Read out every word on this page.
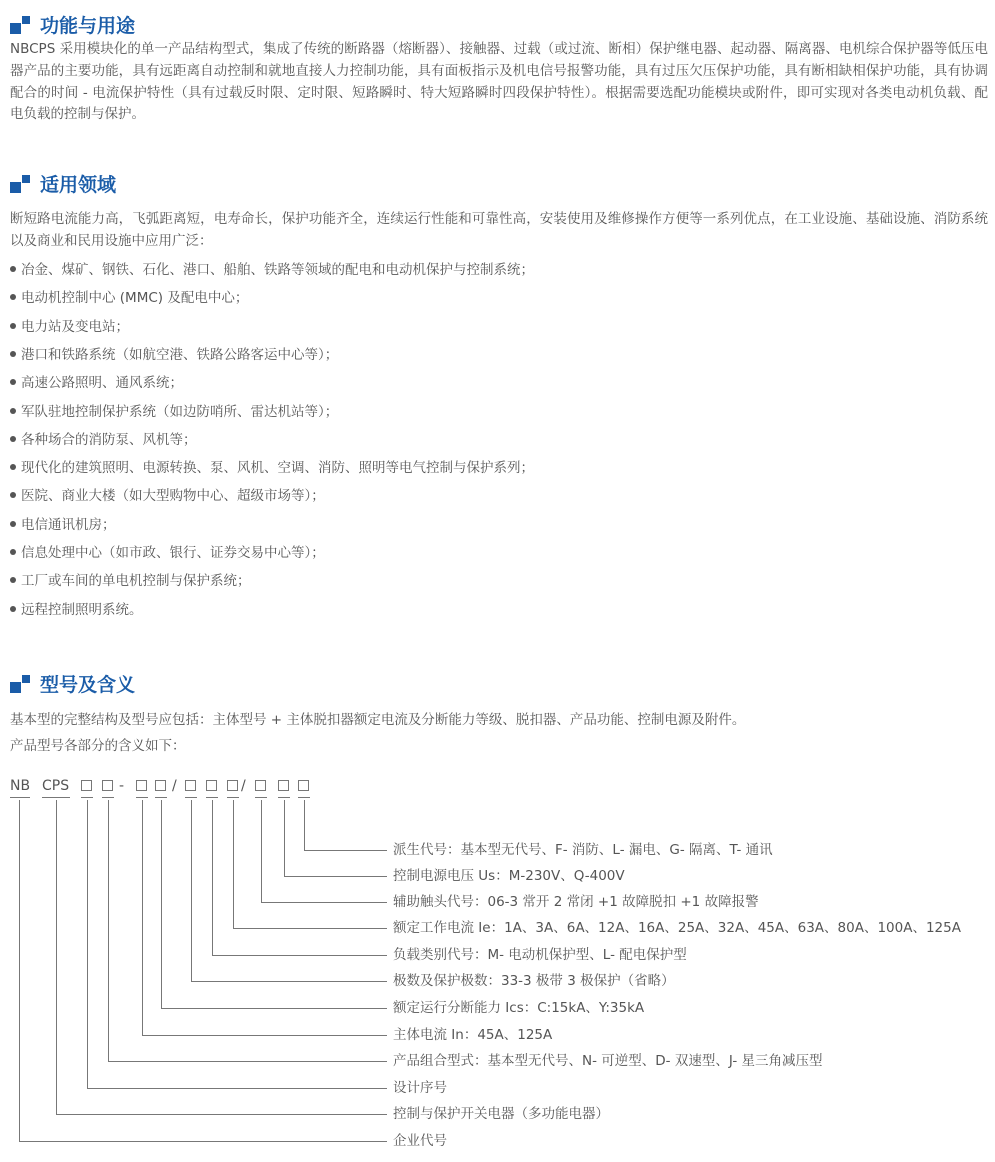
功能与用途
NBCPS 采用模块化的单一产品结构型式，集成了传统的断路器（熔断器）、接触器、过载（或过流、断相）保护继电器、起动器、隔离器、电机综合保护器等低压电器产品的主要功能，具有远距离自动控制和就地直接人力控制功能，具有面板指示及机电信号报警功能，具有过压欠压保护功能，具有断相缺相保护功能，具有协调配合的时间 - 电流保护特性（具有过载反时限、定时限、短路瞬时、特大短路瞬时四段保护特性）。根据需要选配功能模块或附件，即可实现对各类电动机负载、配电负载的控制与保护。
适用领域
断短路电流能力高，飞弧距离短，电寿命长，保护功能齐全，连续运行性能和可靠性高，安装使用及维修操作方便等一系列优点，在工业设施、基础设施、消防系统以及商业和民用设施中应用广泛：
冶金、煤矿、钢铁、石化、港口、船舶、铁路等领域的配电和电动机保护与控制系统；
电动机控制中心 (MMC) 及配电中心；
电力站及变电站；
港口和铁路系统（如航空港、铁路公路客运中心等）；
高速公路照明、通风系统；
军队驻地控制保护系统（如边防哨所、雷达机站等）；
各种场合的消防泵、风机等；
现代化的建筑照明、电源转换、泵、风机、空调、消防、照明等电气控制与保护系列；
医院、商业大楼（如大型购物中心、超级市场等）；
电信通讯机房；
信息处理中心（如市政、银行、证券交易中心等）；
工厂或车间的单电机控制与保护系统；
远程控制照明系统。
型号及含义
基本型的完整结构及型号应包括：主体型号 + 主体脱扣器额定电流及分断能力等级、脱扣器、产品功能、控制电源及附件。
产品型号各部分的含义如下：
NB CPS	-	/	/
派生代号：基本型无代号、F- 消防、L- 漏电、G- 隔离、T- 通讯
控制电源电压 Us：M-230V、Q-400V
辅助触头代号：06-3 常开 2 常闭 +1 故障脱扣 +1 故障报警
额定工作电流 Ie：1A、3A、6A、12A、16A、25A、32A、45A、63A、80A、100A、125A
负载类别代号：M- 电动机保护型、L- 配电保护型
极数及保护极数：33-3 极带 3 极保护（省略）
额定运行分断能力 Ics：C:15kA、Y:35kA
主体电流 In：45A、125A
产品组合型式：基本型无代号、N- 可逆型、D- 双速型、J- 星三角减压型
设计序号
控制与保护开关电器（多功能电器）
企业代号
